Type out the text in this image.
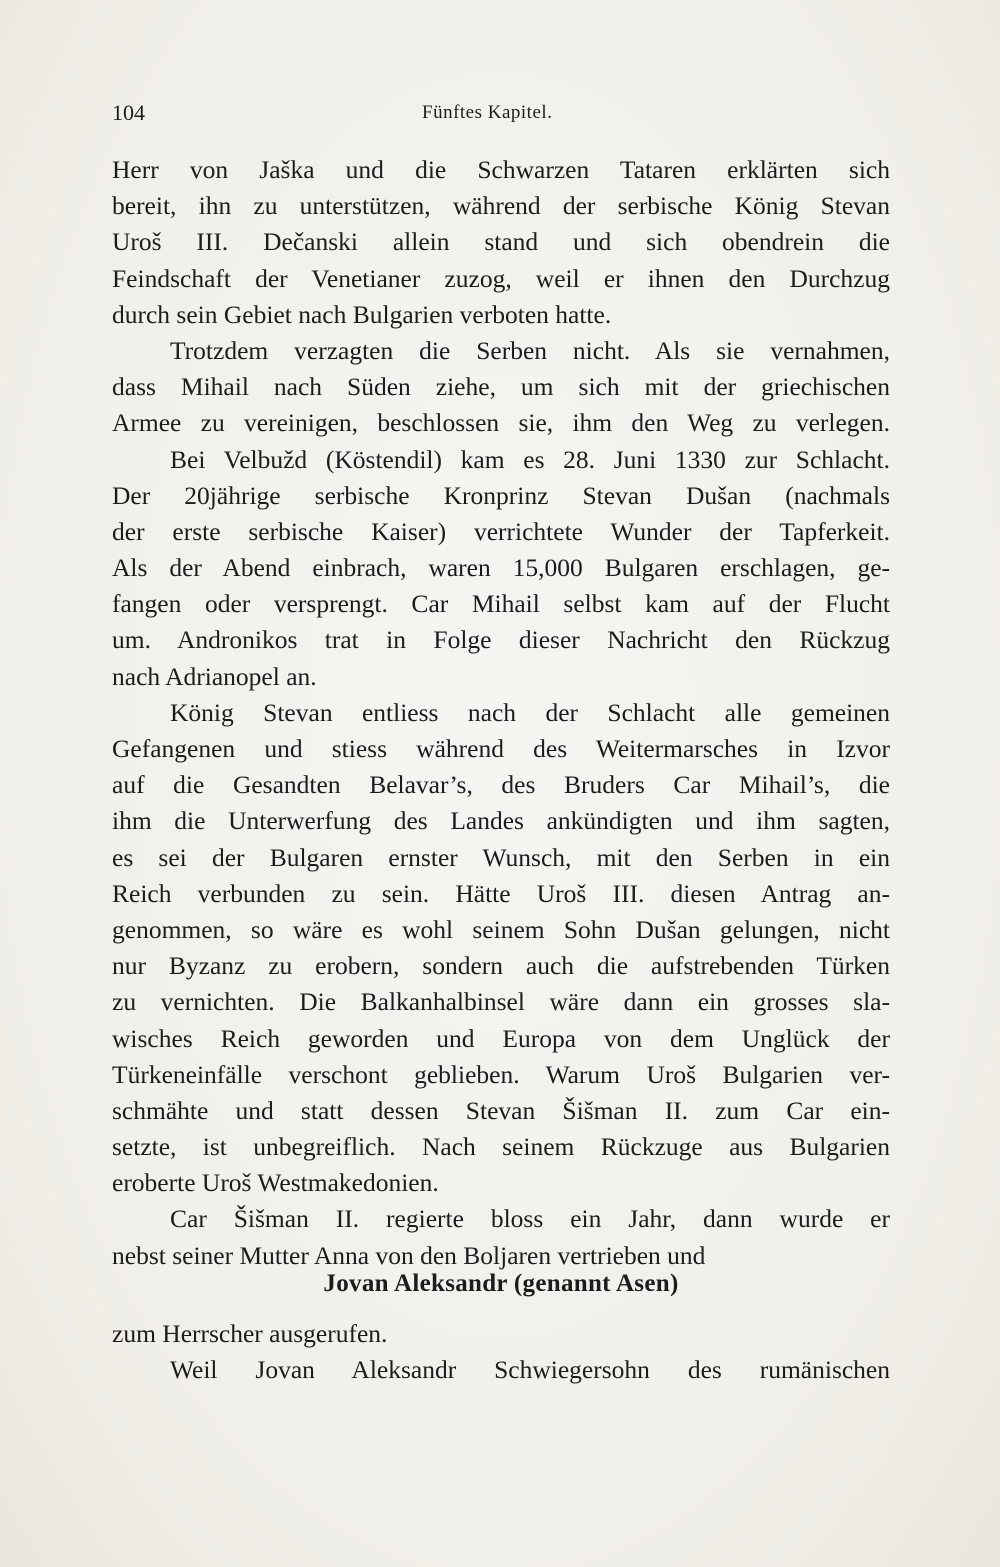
104	Fünftes Kapitel.
Herr von Jaška und die Schwarzen Tataren erklärten sich
bereit, ihn zu unterstützen, während der serbische König Stevan
Uroš III. Dečanski allein stand und sich obendrein die
Feindschaft der Venetianer zuzog, weil er ihnen den Durchzug
durch sein Gebiet nach Bulgarien verboten hatte.
Trotzdem verzagten die Serben nicht. Als sie vernahmen,
dass Mihail nach Süden ziehe, um sich mit der griechischen
Armee zu vereinigen, beschlossen sie, ihm den Weg zu verlegen.
Bei Velbužd (Köstendil) kam es 28. Juni 1330 zur Schlacht.
Der 20jährige serbische Kronprinz Stevan Dušan (nachmals
der erste serbische Kaiser) verrichtete Wunder der Tapferkeit.
Als der Abend einbrach, waren 15,000 Bulgaren erschlagen, ge-
fangen oder versprengt. Car Mihail selbst kam auf der Flucht
um. Andronikos trat in Folge dieser Nachricht den Rückzug
nach Adrianopel an.
König Stevan entliess nach der Schlacht alle gemeinen
Gefangenen und stiess während des Weitermarsches in Izvor
auf die Gesandten Belavar’s, des Bruders Car Mihail’s, die
ihm die Unterwerfung des Landes ankündigten und ihm sagten,
es sei der Bulgaren ernster Wunsch, mit den Serben in ein
Reich verbunden zu sein. Hätte Uroš III. diesen Antrag an-
genommen, so wäre es wohl seinem Sohn Dušan gelungen, nicht
nur Byzanz zu erobern, sondern auch die aufstrebenden Türken
zu vernichten. Die Balkanhalbinsel wäre dann ein grosses sla-
wisches Reich geworden und Europa von dem Unglück der
Türkeneinfälle verschont geblieben. Warum Uroš Bulgarien ver-
schmähte und statt dessen Stevan Šišman II. zum Car ein-
setzte, ist unbegreiflich. Nach seinem Rückzuge aus Bulgarien
eroberte Uroš Westmakedonien.
Car Šišman II. regierte bloss ein Jahr, dann wurde er
nebst seiner Mutter Anna von den Boljaren vertrieben und
Jovan Aleksandr (genannt Asen)
zum Herrscher ausgerufen.
Weil Jovan Aleksandr Schwiegersohn des rumänischen
